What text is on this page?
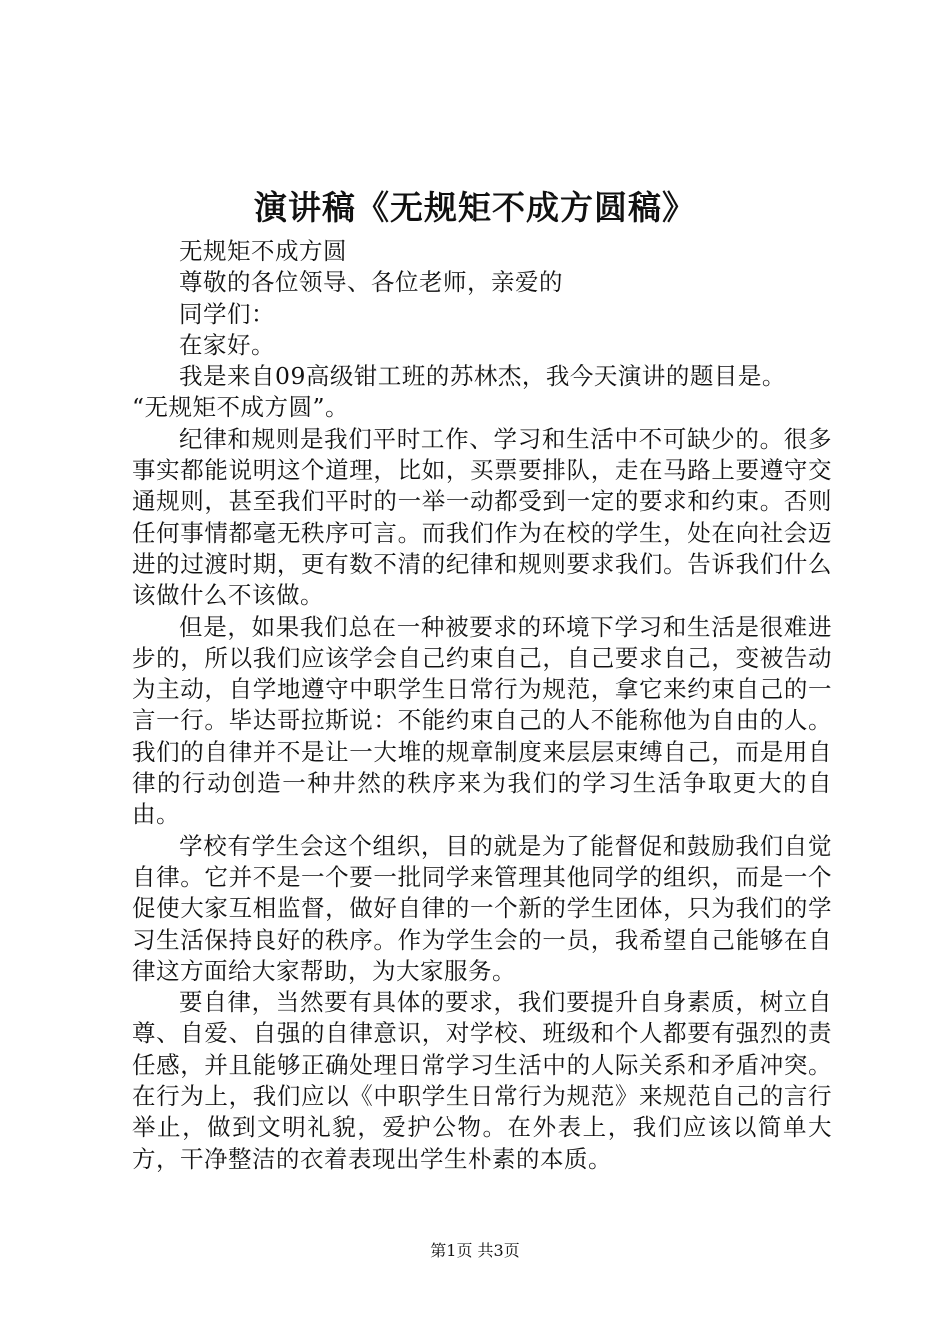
演讲稿《无规矩不成方圆稿》

无规矩不成方圆

尊敬的各位领导、各位老师，亲爱的

同学们：

在家好。

我是来自09高级钳工班的苏林杰，我今天演讲的题目是。

“无规矩不成方圆”。

纪律和规则是我们平时工作、学习和生活中不可缺少的。很多事实都能说明这个道理，比如，买票要排队，走在马路上要遵守交通规则，甚至我们平时的一举一动都受到一定的要求和约束。否则任何事情都毫无秩序可言。而我们作为在校的学生，处在向社会迈进的过渡时期，更有数不清的纪律和规则要求我们。告诉我们什么该做什么不该做。

但是，如果我们总在一种被要求的环境下学习和生活是很难进步的，所以我们应该学会自己约束自己，自己要求自己，变被告动为主动，自学地遵守中职学生日常行为规范，拿它来约束自己的一言一行。毕达哥拉斯说：不能约束自己的人不能称他为自由的人。我们的自律并不是让一大堆的规章制度来层层束缚自己，而是用自律的行动创造一种井然的秩序来为我们的学习生活争取更大的自由。

学校有学生会这个组织，目的就是为了能督促和鼓励我们自觉自律。它并不是一个要一批同学来管理其他同学的组织，而是一个促使大家互相监督，做好自律的一个新的学生团体，只为我们的学习生活保持良好的秩序。作为学生会的一员，我希望自己能够在自律这方面给大家帮助，为大家服务。

要自律，当然要有具体的要求，我们要提升自身素质，树立自尊、自爱、自强的自律意识，对学校、班级和个人都要有强烈的责任感，并且能够正确处理日常学习生活中的人际关系和矛盾冲突。在行为上，我们应以《中职学生日常行为规范》来规范自己的言行举止，做到文明礼貌，爱护公物。在外表上，我们应该以简单大方，干净整洁的衣着表现出学生朴素的本质。

第1页 共3页
